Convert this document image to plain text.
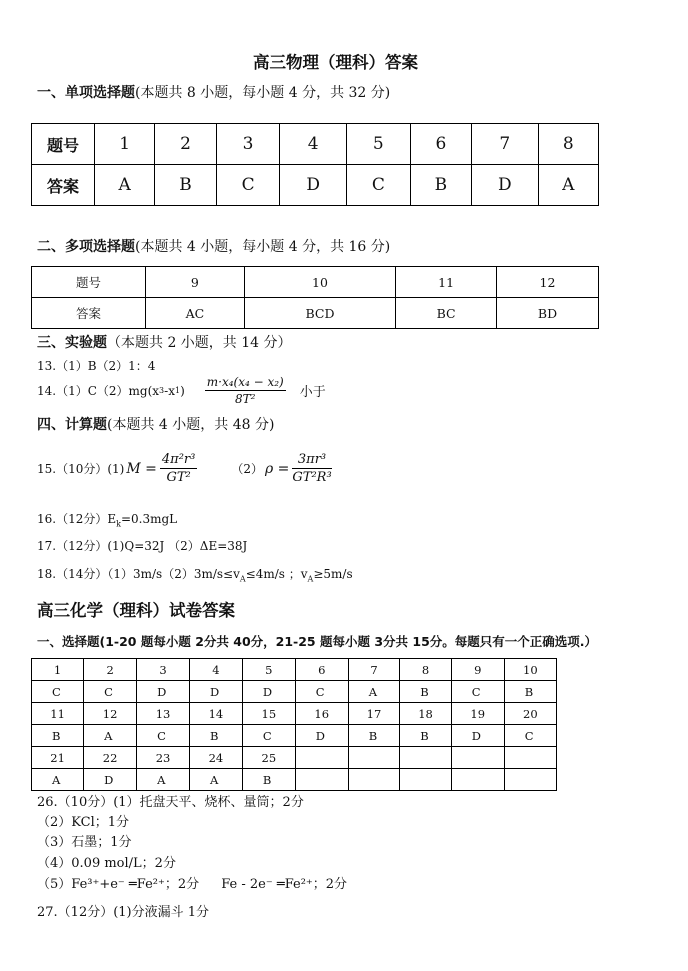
高三物理（理科）答案
一、单项选择题(本题共 8 小题，每小题 4 分，共 32 分)
题号	1	2	3	4	5	6	7	8
答案	A	B	C	D	C	B	D	A
二、多项选择题(本题共 4 小题，每小题 4 分，共 16 分)
题号	9	10	11	12
答案	AC	BCD	BC	BD
三、实验题（本题共 2 小题，共 14 分）
13.（1）B（2）1：4
14.（1）C（2）mg(x 3 -x 1 ) $\frac{\text{m·x₄(x₄ − x₂)}}{\text{8T²}}$ 小于
四、计算题(本题共 4 小题，共 48 分)
15.（10分）(1) $M = \frac{\text{4π²r³}}{\text{GT²}}$	（2） $\rho = \frac{\text{3πr³}}{\text{GT²R³}}$
16.（12分）$E_k=0.3mgL$
17.（12分）(1)Q=32J （2）ΔE=38J
18.（14分）$(1)3m/s(2)3m/s\le v_A\le 4m/s$ ；$v_A\ge 5m/s$
高三化学（理科）试卷答案
一、选择题(1-20 题每小题 2分共 40分，21-25 题每小题 3分共 15分。每题只有一个正确选项.）
1	2	3	4	5	6	7	8	9	10
C	C	D	D	D	C	A	B	C	B
11	12	13	14	15	16	17	18	19	20
B	A	C	B	C	D	B	B	D	C
21	22	23	24	25					
A	D	A	A	B					
26.（10分）(1）托盘天平、烧杯、量筒；2分
（2）KCl；1分
（3）石墨；1分
（4）0.09 mol/L；2分
（5）Fe³⁺+e⁻ ═Fe²⁺；2分 Fe - 2e⁻ ═Fe²⁺；2分
27.（12分）(1)分液漏斗 1分
